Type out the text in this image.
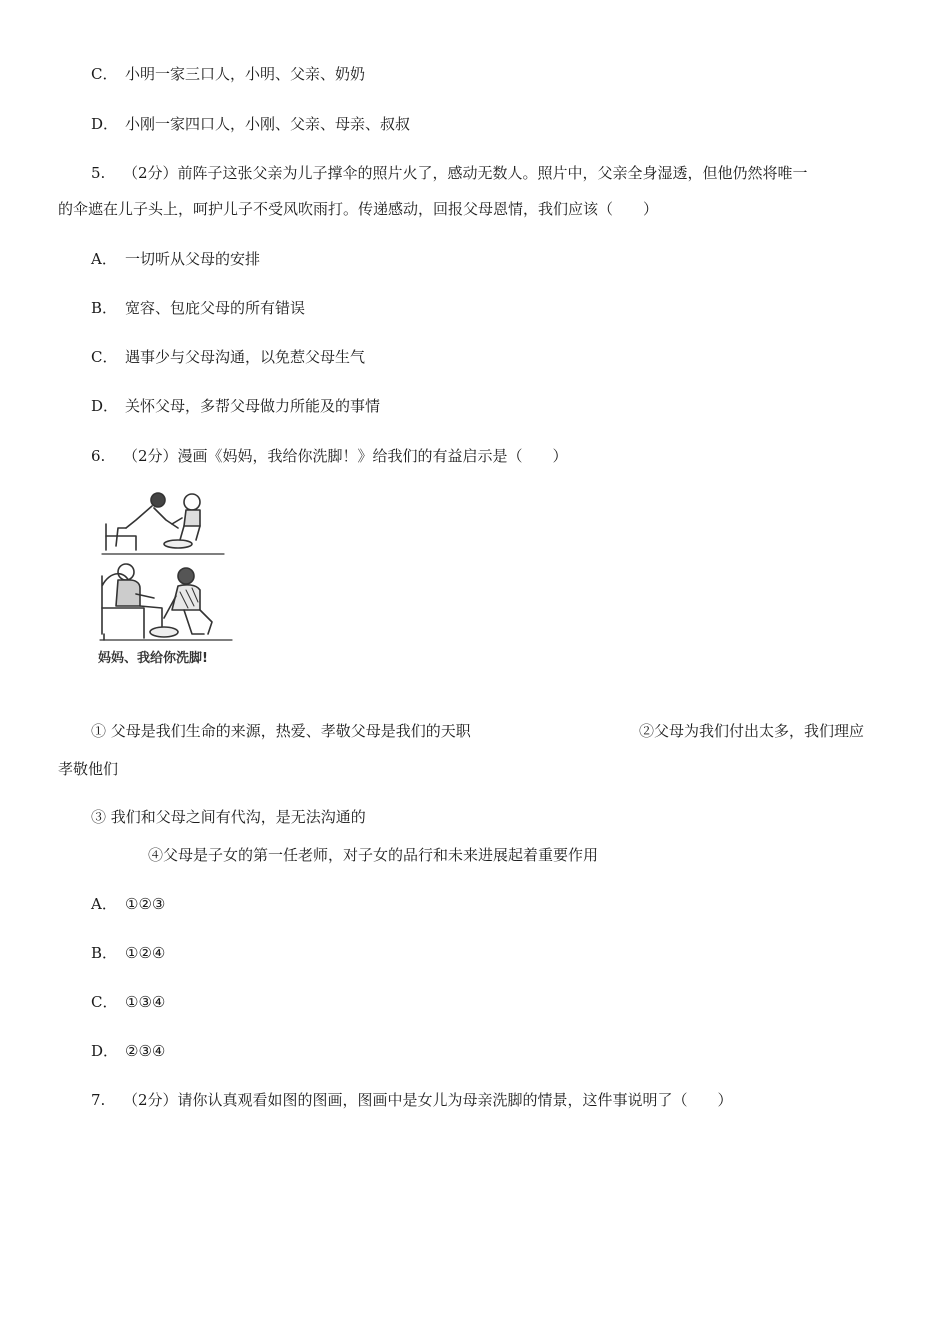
C． 小明一家三口人，小明、父亲、奶奶
D． 小刚一家四口人，小刚、父亲、母亲、叔叔
5. （2分）前阵子这张父亲为儿子撑伞的照片火了，感动无数人。照片中，父亲全身湿透，但他仍然将唯一
的伞遮在儿子头上，呵护儿子不受风吹雨打。传递感动，回报父母恩情，我们应该（　　）
A． 一切听从父母的安排
B． 宽容、包庇父母的所有错误
C． 遇事少与父母沟通，以免惹父母生气
D． 关怀父母，多帮父母做力所能及的事情
6. （2分）漫画《妈妈，我给你洗脚！》给我们的有益启示是（　　）
妈妈、我给你洗脚!
① 父母是我们生命的来源，热爱、孝敬父母是我们的天职	②父母为我们付出太多，我们理应
孝敬他们
③ 我们和父母之间有代沟，是无法沟通的
④父母是子女的第一任老师，对子女的品行和未来进展起着重要作用
A． ①②③
B． ①②④
C． ①③④
D． ②③④
7. （2分）请你认真观看如图的图画，图画中是女儿为母亲洗脚的情景，这件事说明了（　　）
